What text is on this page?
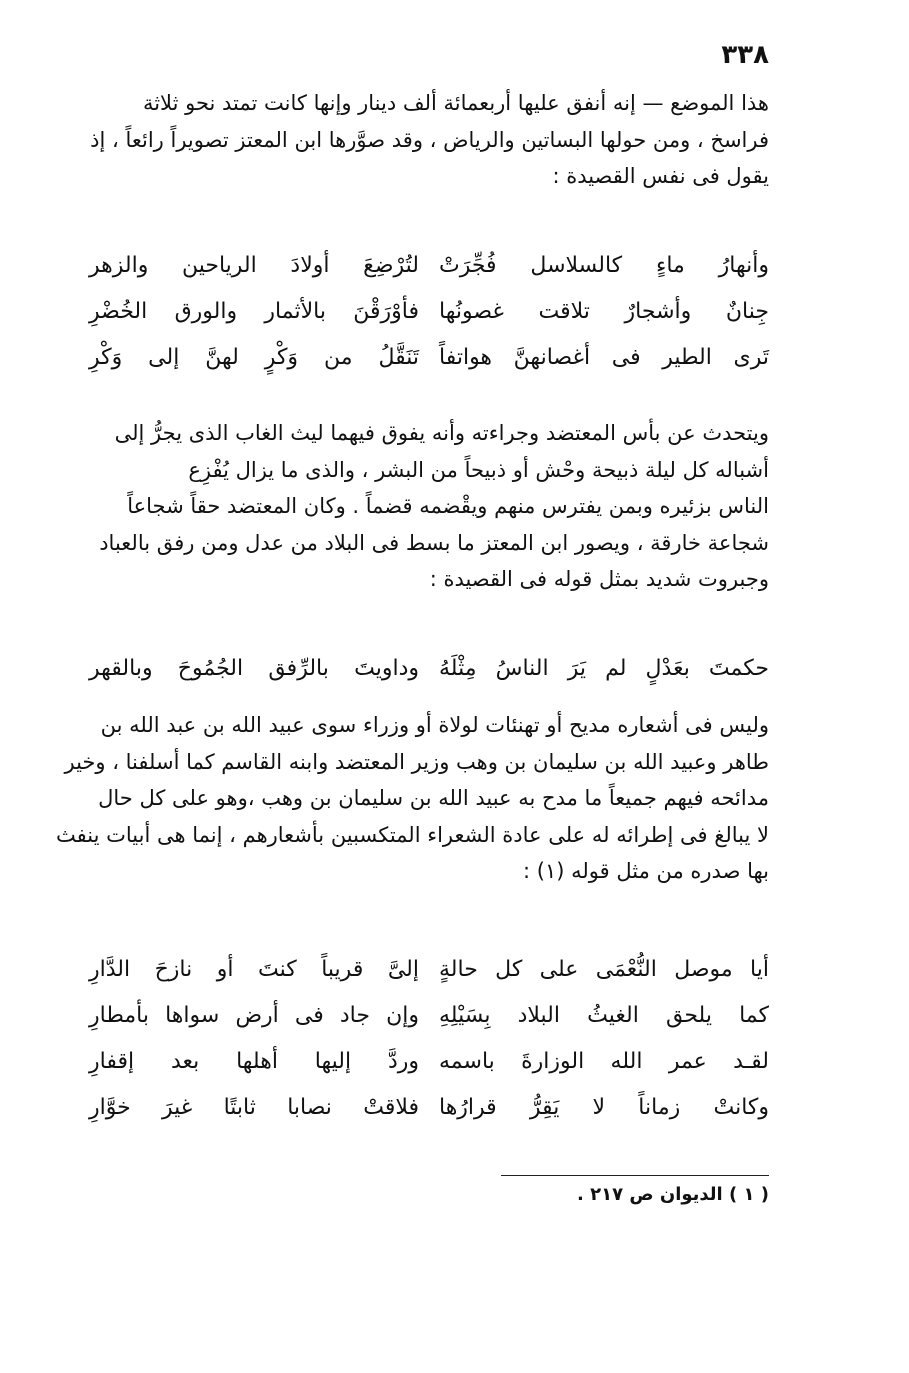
٣٣٨
هذا الموضع — إنه أنفق عليها أربعمائة ألف دينار وإنها كانت تمتد نحو ثلاثة
فراسخ ، ومن حولها البساتين والرياض ، وقد صوَّرها ابن المعتز تصويراً رائعاً ، إذ
يقول فى نفس القصيدة :
وأنهارُ ماءٍ كالسلاسل فُجِّرَتْ
لتُرْضِعَ أولادَ الرياحين والزهر
جِنانٌ وأشجارٌ تلاقت غصونُها
فأوْرَقْنَ بالأثمار والورق الخُضْرِ
تَرى الطير فى أغصانهنَّ هواتفاً
تَنَقَّلُ من وَكْرٍ لهنَّ إلى وَكْرِ
ويتحدث عن بأس المعتضد وجراءته وأنه يفوق فيهما ليث الغاب الذى يجرُّ إلى
أشباله كل ليلة ذبيحة وحْش أو ذبيحاً من البشر ، والذى ما يزال يُفْزِع
الناس بزئيره وبمن يفترس منهم ويقْضمه قضماً . وكان المعتضد حقاً شجاعاً
شجاعة خارقة ، ويصور ابن المعتز ما بسط فى البلاد من عدل ومن رفق بالعباد
وجبروت شديد بمثل قوله فى القصيدة :
حكمتَ بعَدْلٍ لم يَرَ الناسُ مِثْلَهُ
وداويتَ بالرِّفق الجُمُوحَ وبالقهر
وليس فى أشعاره مديح أو تهنئات لولاة أو وزراء سوى عبيد الله بن عبد الله بن
طاهر وعبيد الله بن سليمان بن وهب وزير المعتضد وابنه القاسم كما أسلفنا ، وخير
مدائحه فيهم جميعاً ما مدح به عبيد الله بن سليمان بن وهب ،وهو على كل حال
لا يبالغ فى إطرائه له على عادة الشعراء المتكسبين بأشعارهم ، إنما هى أبيات ينفث
بها صدره من مثل قوله (١) :
أيا موصل النُّعْمَى على كل حالةٍ
إلىَّ قريباً كنتَ أو نازحَ الدَّارِ
كما يلحق الغيثُ البلاد بِسَيْلِهِ
وإن جاد فى أرض سواها بأمطارِ
لقـد عمر الله الوزارةَ باسمه
وردَّ إليها أهلها بعد إقفارِ
وكانتْ زماناً لا يَقِرُّ قرارُها
فلاقتْ نصابا ثابتًا غيرَ خوَّارِ
( ١ ) الديوان ص ٢١٧ .
